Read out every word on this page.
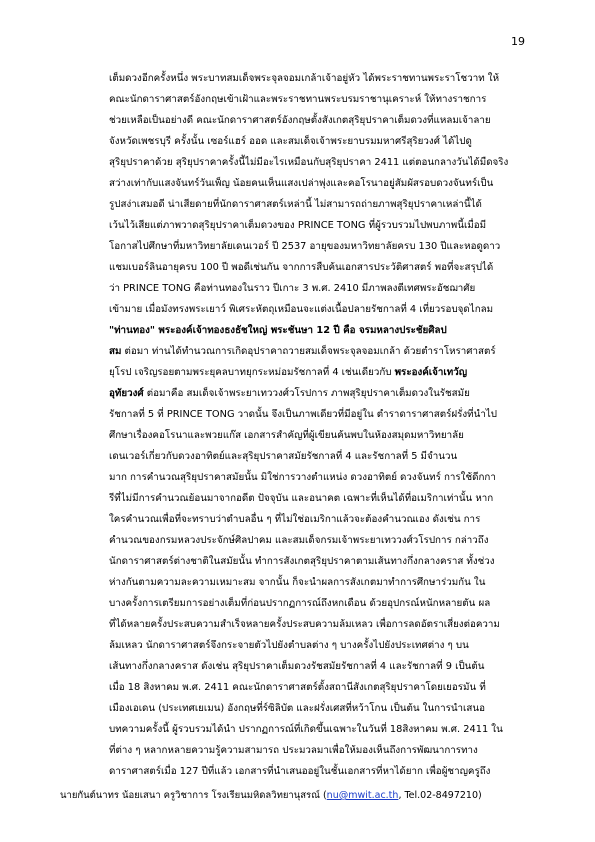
19
เต็มดวงอีกครั้งหนึ่ง พระบาทสมเด็จพระจุลจอมเกล้าเจ้าอยู่หัว ได้พระราชทานพระราโชวาท ให้
คณะนักดาราศาสตร์อังกฤษเข้าเฝ้าและพระราชทานพระบรมราชานุเคราะห์ ให้ทางราชการ
ช่วยเหลือเป็นอย่างดี คณะนักดาราศาสตร์อังกฤษตั้งสังเกตสุริยุปราคาเต็มดวงที่แหลมเจ้าลาย
จังหวัดเพชรบุรี ครั้งนั้น เซอร์แฮร์ ออด และสมเด็จเจ้าพระยาบรมมหาศรีสุริยวงศ์ ได้ไปดู
สุริยุปราคาด้วย สุริยุปราคาครั้งนี้ไม่มีอะไรเหมือนกับสุริยุปราคา 2411 แต่ตอนกลางวันได้มืดจริง
สว่างเท่ากับแสงจันทร์วันเพ็ญ น้อยคนเห็นแสงเปล่าพุ่งและคอโรนาอยู่สัมผัสรอบดวงจันทร์เป็น
รูปสง่าเสมอดี น่าเสียดายที่นักดาราศาสตร์เหล่านี้ ไม่สามารถถ่ายภาพสุริยุปราคาเหล่านี้ได้
เว้นไว้เสียแต่ภาพวาดสุริยุปราคาเต็มดวงของ PRINCE TONG ที่ผู้รวบรวมไปพบภาพนี้เมื่อมี
โอกาสไปศึกษาที่มหาวิทยาลัยเดนเวอร์ ปี 2537 อายุของมหาวิทยาลัยครบ 130 ปีและหอดูดาว
แชมเบอร์ลินอายุครบ 100 ปี พอดีเช่นกัน จากการสืบค้นเอกสารประวัติศาสตร์ พอที่จะสรุปได้
ว่า PRINCE TONG คือท่านทองในราว ปีเกาะ 3 พ.ศ. 2410 มีภาพลงตีเทศพระอัชฌาศัย
เข้ามาย เมื่อมังทรงพระเยาว์ พิเศระหัตถุเหมือนจะแต่งเนื้อปลายรัชกาลที่ 4 เที่ยวรอบจุดไกลม
"ท่านทอง" พระองค์เจ้าทองธงธัชใหญ่ พระชันษา 12 ปี คือ จรมหลางประชัยศิลป
สม ต่อมา ท่านได้ทำนวณการเกิดอุปราคาถวายสมเด็จพระจุลจอมเกล้า ด้วยตำราโหราศาสตร์
ยุโรป เจริญรอยตามพระยุคลบาทยุกระหม่อมรัชกาลที่ 4 เช่นเดียวกับ พระองค์เจ้าเทวัญ
อุทัยวงศ์ ต่อมาคือ สมเด็จเจ้าพระยาเทววงศ์วโรปการ ภาพสุริยุปราคาเต็มดวงในรัชสมัย
รัชกาลที่ 5 ที่ PRINCE TONG วาดนั้น จึงเป็นภาพเดียวที่มีอยู่ใน ตำราดาราศาสตร์ฝรั่งที่นำไป
ศึกษาเรื่องคอโรนาและพวยแก๊ส เอกสารสำคัญที่ผู้เขียนค้นพบในห้องสมุดมหาวิทยาลัย
เดนเวอร์เกี่ยวกับดวงอาทิตย์และสุริยุปราคาสมัยรัชกาลที่ 4 และรัชกาลที่ 5 มีจำนวน
มาก การคำนวณสุริยุปราคาสมัยนั้น มิใช่การวางตำแหน่ง ดวงอาทิตย์ ดวงจันทร์ การใช้ดีกกา
รีที่ไม่มีการคำนวณย้อนมาจากอดีต ปัจจุบัน และอนาคต เฉพาะที่เห็นได้ที่อเมริกาเท่านั้น หาก
ใครคำนวณเพื่อที่จะทราบว่าตำบลอื่น ๆ ที่ไม่ใช่อเมริกาแล้วจะต้องคำนวณเอง ดังเช่น การ
คำนวณของกรมหลวงประจักษ์ศิลปาคม และสมเด็จกรมเจ้าพระยาเทววงศ์วโรปการ กล่าวถึง
นักดาราศาสตร์ต่างชาติในสมัยนั้น ทำการสังเกตสุริยุปราคาตามเส้นทางกึ่งกลางคราส ทั้งช่วง
ห่างกันตามความละความเหมาะสม จากนั้น ก็จะนำผลการสังเกตมาทำการศึกษาร่วมกัน ใน
บางครั้งการเตรียมการอย่างเต็มที่ก่อนปรากฏการณ์ถึงหกเดือน ด้วยอุปกรณ์หนักหลายตัน ผล
ที่ได้หลายครั้งประสบความสำเร็จหลายครั้งประสบความล้มเหลว เพื่อการลดอัตราเสี่ยงต่อความ
ล้มเหลว นักดาราศาสตร์จึงกระจายตัวไปยังตำบลต่าง ๆ บางครั้งไปยังประเทศต่าง ๆ บน
เส้นทางกึ่งกลางคราส ดังเช่น สุริยุปราคาเต็มดวงรัชสมัยรัชกาลที่ 4 และรัชกาลที่ 9 เป็นต้น
เมื่อ 18 สิงหาคม พ.ศ. 2411 คณะนักดาราศาสตร์ตั้งสถานีสังเกตสุริยุปราคาโดยเยอรมัน ที่
เมืองเอเดน (ประเทศเยเมน) อังกฤษที่ร์ซิลิบัต และฝรั่งเศสที่หว้าโกน เป็นต้น ในการนำเสนอ
บทความครั้งนี้ ผู้รวบรวมได้นำ ปรากฏการณ์ที่เกิดขึ้นเฉพาะในวันที่ 18สิงหาคม พ.ศ. 2411 ใน
ที่ต่าง ๆ หลากหลายความรู้ความสามารถ ประมวลมาเพื่อให้มองเห็นถึงการพัฒนาการทาง
ดาราศาสตร์เมื่อ 127 ปีที่แล้ว เอกสารที่นำเสนออยู่ในชั้นเอกสารที่หาได้ยาก เพื่อผู้ชาญครูถึง
นายกันต์นาทร น้อยเสนา ครูวิชาการ โรงเรียนมหิดลวิทยานุสรณ์ (nu@mwit.ac.th, Tel.02-8497210)
